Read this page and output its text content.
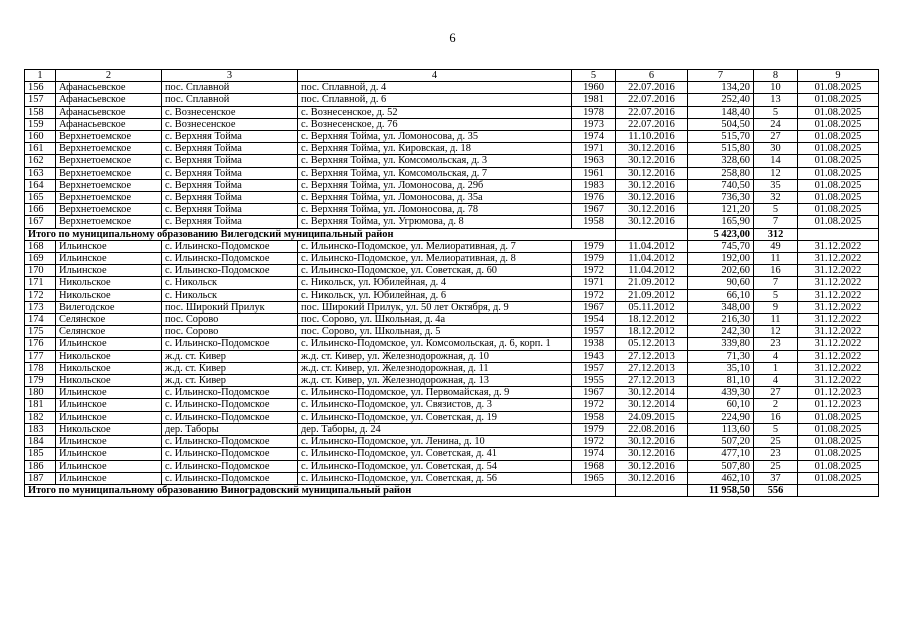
6
1	2	3	4	5	6	7	8	9
156	Афанасьевское	пос. Сплавной	пос. Сплавной, д. 4	1960	22.07.2016	134,20	10	01.08.2025
157	Афанасьевское	пос. Сплавной	пос. Сплавной, д. 6	1981	22.07.2016	252,40	13	01.08.2025
158	Афанасьевское	с. Вознесенское	с. Вознесенское, д. 52	1978	22.07.2016	148,40	5	01.08.2025
159	Афанасьевское	с. Вознесенское	с. Вознесенское, д. 76	1973	22.07.2016	504,50	24	01.08.2025
160	Верхнетоемское	с. Верхняя Тойма	с. Верхняя Тойма, ул. Ломоносова, д. 35	1974	11.10.2016	515,70	27	01.08.2025
161	Верхнетоемское	с. Верхняя Тойма	с. Верхняя Тойма, ул. Кировская, д. 18	1971	30.12.2016	515,80	30	01.08.2025
162	Верхнетоемское	с. Верхняя Тойма	с. Верхняя Тойма, ул. Комсомольская, д. 3	1963	30.12.2016	328,60	14	01.08.2025
163	Верхнетоемское	с. Верхняя Тойма	с. Верхняя Тойма, ул. Комсомольская, д. 7	1961	30.12.2016	258,80	12	01.08.2025
164	Верхнетоемское	с. Верхняя Тойма	с. Верхняя Тойма, ул. Ломоносова, д. 29б	1983	30.12.2016	740,50	35	01.08.2025
165	Верхнетоемское	с. Верхняя Тойма	с. Верхняя Тойма, ул. Ломоносова, д. 35а	1976	30.12.2016	736,30	32	01.08.2025
166	Верхнетоемское	с. Верхняя Тойма	с. Верхняя Тойма, ул. Ломоносова, д. 78	1967	30.12.2016	121,20	5	01.08.2025
167	Верхнетоемское	с. Верхняя Тойма	с. Верхняя Тойма, ул. Угрюмова, д. 8	1958	30.12.2016	165,90	7	01.08.2025
Итого по муниципальному образованию Вилегодский муниципальный район						5 423,00	312	
168	Ильинское	с. Ильинско-Подомское	с. Ильинско-Подомское, ул. Мелиоративная, д. 7	1979	11.04.2012	745,70	49	31.12.2022
169	Ильинское	с. Ильинско-Подомское	с. Ильинско-Подомское, ул. Мелиоративная, д. 8	1979	11.04.2012	192,00	11	31.12.2022
170	Ильинское	с. Ильинско-Подомское	с. Ильинско-Подомское, ул. Советская, д. 60	1972	11.04.2012	202,60	16	31.12.2022
171	Никольское	с. Никольск	с. Никольск, ул. Юбилейная, д. 4	1971	21.09.2012	90,60	7	31.12.2022
172	Никольское	с. Никольск	с. Никольск, ул. Юбилейная, д. 6	1972	21.09.2012	66,10	5	31.12.2022
173	Вилегодское	пос. Широкий Прилук	пос. Широкий Прилук, ул. 50 лет Октября, д. 9	1967	05.11.2012	348,00	9	31.12.2022
174	Селянское	пос. Сорово	пос. Сорово, ул. Школьная, д. 4а	1954	18.12.2012	216,30	11	31.12.2022
175	Селянское	пос. Сорово	пос. Сорово, ул. Школьная, д. 5	1957	18.12.2012	242,30	12	31.12.2022
176	Ильинское	с. Ильинско-Подомское	с. Ильинско-Подомское, ул. Комсомольская, д. 6, корп. 1	1938	05.12.2013	339,80	23	31.12.2022
177	Никольское	ж.д. ст. Кивер	ж.д. ст. Кивер, ул. Железнодорожная, д. 10	1943	27.12.2013	71,30	4	31.12.2022
178	Никольское	ж.д. ст. Кивер	ж.д. ст. Кивер, ул. Железнодорожная, д. 11	1957	27.12.2013	35,10	1	31.12.2022
179	Никольское	ж.д. ст. Кивер	ж.д. ст. Кивер, ул. Железнодорожная, д. 13	1955	27.12.2013	81,10	4	31.12.2022
180	Ильинское	с. Ильинско-Подомское	с. Ильинско-Подомское, ул. Первомайская, д. 9	1967	30.12.2014	439,30	27	01.12.2023
181	Ильинское	с. Ильинско-Подомское	с. Ильинско-Подомское, ул. Связистов, д. 3	1972	30.12.2014	60,10	2	01.12.2023
182	Ильинское	с. Ильинско-Подомское	с. Ильинско-Подомское, ул. Советская, д. 19	1958	24.09.2015	224,90	16	01.08.2025
183	Никольское	дер. Таборы	дер. Таборы, д. 24	1979	22.08.2016	113,60	5	01.08.2025
184	Ильинское	с. Ильинско-Подомское	с. Ильинско-Подомское, ул. Ленина, д. 10	1972	30.12.2016	507,20	25	01.08.2025
185	Ильинское	с. Ильинско-Подомское	с. Ильинско-Подомское, ул. Советская, д. 41	1974	30.12.2016	477,10	23	01.08.2025
186	Ильинское	с. Ильинско-Подомское	с. Ильинско-Подомское, ул. Советская, д. 54	1968	30.12.2016	507,80	25	01.08.2025
187	Ильинское	с. Ильинско-Подомское	с. Ильинско-Подомское, ул. Советская, д. 56	1965	30.12.2016	462,10	37	01.08.2025
Итого по муниципальному образованию Виноградовский муниципальный район						11 958,50	556	
